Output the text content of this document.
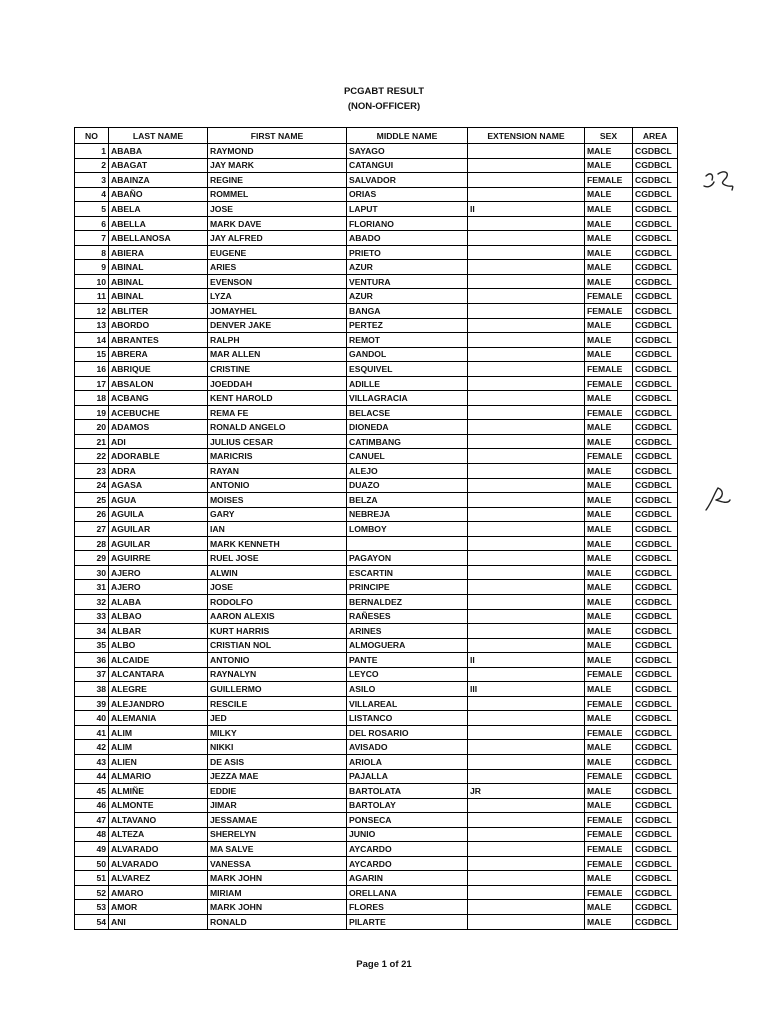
PCGABT RESULT
(NON-OFFICER)
NO	LAST NAME	FIRST NAME	MIDDLE NAME	EXTENSION NAME	SEX	AREA
1	ABABA	RAYMOND	SAYAGO		MALE	CGDBCL
2	ABAGAT	JAY MARK	CATANGUI		MALE	CGDBCL
3	ABAINZA	REGINE	SALVADOR		FEMALE	CGDBCL
4	ABAÑO	ROMMEL	ORIAS		MALE	CGDBCL
5	ABELA	JOSE	LAPUT	II	MALE	CGDBCL
6	ABELLA	MARK DAVE	FLORIANO		MALE	CGDBCL
7	ABELLANOSA	JAY ALFRED	ABADO		MALE	CGDBCL
8	ABIERA	EUGENE	PRIETO		MALE	CGDBCL
9	ABINAL	ARIES	AZUR		MALE	CGDBCL
10	ABINAL	EVENSON	VENTURA		MALE	CGDBCL
11	ABINAL	LYZA	AZUR		FEMALE	CGDBCL
12	ABLITER	JOMAYHEL	BANGA		FEMALE	CGDBCL
13	ABORDO	DENVER JAKE	PERTEZ		MALE	CGDBCL
14	ABRANTES	RALPH	REMOT		MALE	CGDBCL
15	ABRERA	MAR ALLEN	GANDOL		MALE	CGDBCL
16	ABRIQUE	CRISTINE	ESQUIVEL		FEMALE	CGDBCL
17	ABSALON	JOEDDAH	ADILLE		FEMALE	CGDBCL
18	ACBANG	KENT HAROLD	VILLAGRACIA		MALE	CGDBCL
19	ACEBUCHE	REMA FE	BELACSE		FEMALE	CGDBCL
20	ADAMOS	RONALD ANGELO	DIONEDA		MALE	CGDBCL
21	ADI	JULIUS CESAR	CATIMBANG		MALE	CGDBCL
22	ADORABLE	MARICRIS	CANUEL		FEMALE	CGDBCL
23	ADRA	RAYAN	ALEJO		MALE	CGDBCL
24	AGASA	ANTONIO	DUAZO		MALE	CGDBCL
25	AGUA	MOISES	BELZA		MALE	CGDBCL
26	AGUILA	GARY	NEBREJA		MALE	CGDBCL
27	AGUILAR	IAN	LOMBOY		MALE	CGDBCL
28	AGUILAR	MARK KENNETH			MALE	CGDBCL
29	AGUIRRE	RUEL JOSE	PAGAYON		MALE	CGDBCL
30	AJERO	ALWIN	ESCARTIN		MALE	CGDBCL
31	AJERO	JOSE	PRINCIPE		MALE	CGDBCL
32	ALABA	RODOLFO	BERNALDEZ		MALE	CGDBCL
33	ALBAO	AARON ALEXIS	RAÑESES		MALE	CGDBCL
34	ALBAR	KURT HARRIS	ARINES		MALE	CGDBCL
35	ALBO	CRISTIAN NOL	ALMOGUERA		MALE	CGDBCL
36	ALCAIDE	ANTONIO	PANTE	II	MALE	CGDBCL
37	ALCANTARA	RAYNALYN	LEYCO		FEMALE	CGDBCL
38	ALEGRE	GUILLERMO	ASILO	III	MALE	CGDBCL
39	ALEJANDRO	RESCILE	VILLAREAL		FEMALE	CGDBCL
40	ALEMANIA	JED	LISTANCO		MALE	CGDBCL
41	ALIM	MILKY	DEL ROSARIO		FEMALE	CGDBCL
42	ALIM	NIKKI	AVISADO		MALE	CGDBCL
43	ALIEN	DE ASIS	ARIOLA		MALE	CGDBCL
44	ALMARIO	JEZZA MAE	PAJALLA		FEMALE	CGDBCL
45	ALMIÑE	EDDIE	BARTOLATA	JR	MALE	CGDBCL
46	ALMONTE	JIMAR	BARTOLAY		MALE	CGDBCL
47	ALTAVANO	JESSAMAE	PONSECA		FEMALE	CGDBCL
48	ALTEZA	SHERELYN	JUNIO		FEMALE	CGDBCL
49	ALVARADO	MA SALVE	AYCARDO		FEMALE	CGDBCL
50	ALVARADO	VANESSA	AYCARDO		FEMALE	CGDBCL
51	ALVAREZ	MARK JOHN	AGARIN		MALE	CGDBCL
52	AMARO	MIRIAM	ORELLANA		FEMALE	CGDBCL
53	AMOR	MARK JOHN	FLORES		MALE	CGDBCL
54	ANI	RONALD	PILARTE		MALE	CGDBCL
Page 1 of 21
